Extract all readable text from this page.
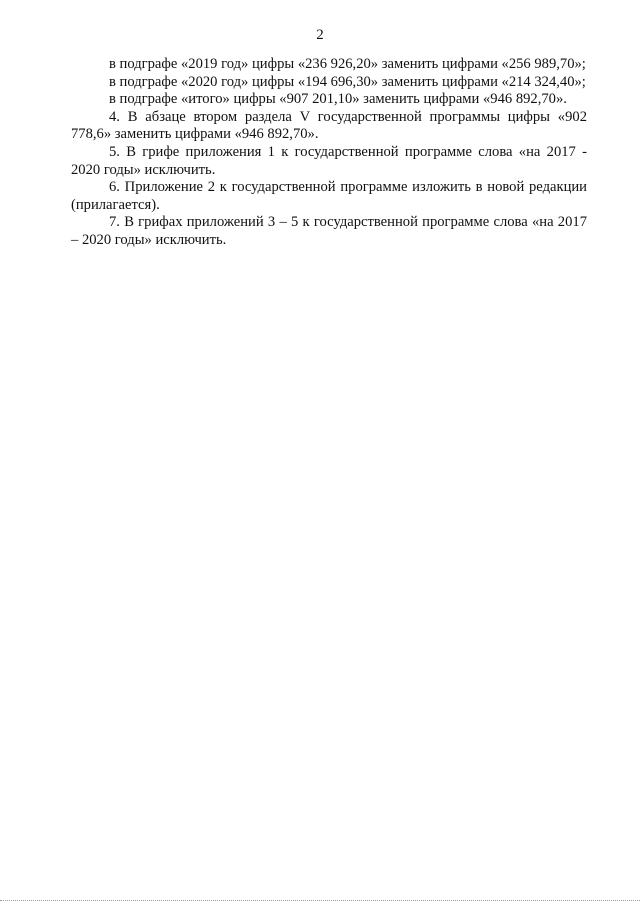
2

в подграфе «2019 год» цифры «236 926,20» заменить цифрами «256 989,70»;

в подграфе «2020 год» цифры «194 696,30» заменить цифрами «214 324,40»;

в подграфе «итого» цифры «907 201,10» заменить цифрами «946 892,70».

4. В абзаце втором раздела V государственной программы цифры «902 778,6» заменить цифрами «946 892,70».

5. В грифе приложения 1 к государственной программе слова «на 2017 - 2020 годы» исключить.

6. Приложение 2 к государственной программе изложить в новой редакции (прилагается).

7. В грифах приложений 3 – 5 к государственной программе слова «на 2017 – 2020 годы» исключить.
